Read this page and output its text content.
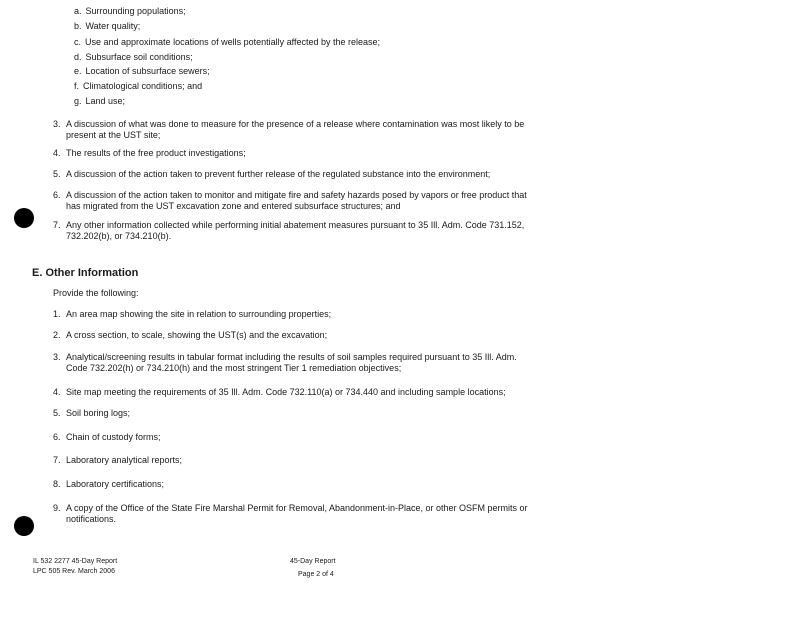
a. Surrounding populations;
b. Water quality;
c. Use and approximate locations of wells potentially affected by the release;
d. Subsurface soil conditions;
e. Location of subsurface sewers;
f. Climatological conditions; and
g. Land use;
3. A discussion of what was done to measure for the presence of a release where contamination was most likely to be
present at the UST site;
4. The results of the free product investigations;
5. A discussion of the action taken to prevent further release of the regulated substance into the environment;
6. A discussion of the action taken to monitor and mitigate fire and safety hazards posed by vapors or free product that
has migrated from the UST excavation zone and entered subsurface structures; and
7. Any other information collected while performing initial abatement measures pursuant to 35 Ill. Adm. Code 731.152,
732.202(b), or 734.210(b).
E. Other Information
Provide the following:
1. An area map showing the site in relation to surrounding properties;
2. A cross section, to scale, showing the UST(s) and the excavation;
3. Analytical/screening results in tabular format including the results of soil samples required pursuant to 35 Ill. Adm.
Code 732.202(h) or 734.210(h) and the most stringent Tier 1 remediation objectives;
4. Site map meeting the requirements of 35 Ill. Adm. Code 732.110(a) or 734.440 and including sample locations;
5. Soil boring logs;
6. Chain of custody forms;
7. Laboratory analytical reports;
8. Laboratory certifications;
9. A copy of the Office of the State Fire Marshal Permit for Removal, Abandonment-in-Place, or other OSFM permits or
notifications.
IL 532 2277 45-Day Report
LPC 505 Rev. March 2006
45-Day Report
Page 2 of 4
